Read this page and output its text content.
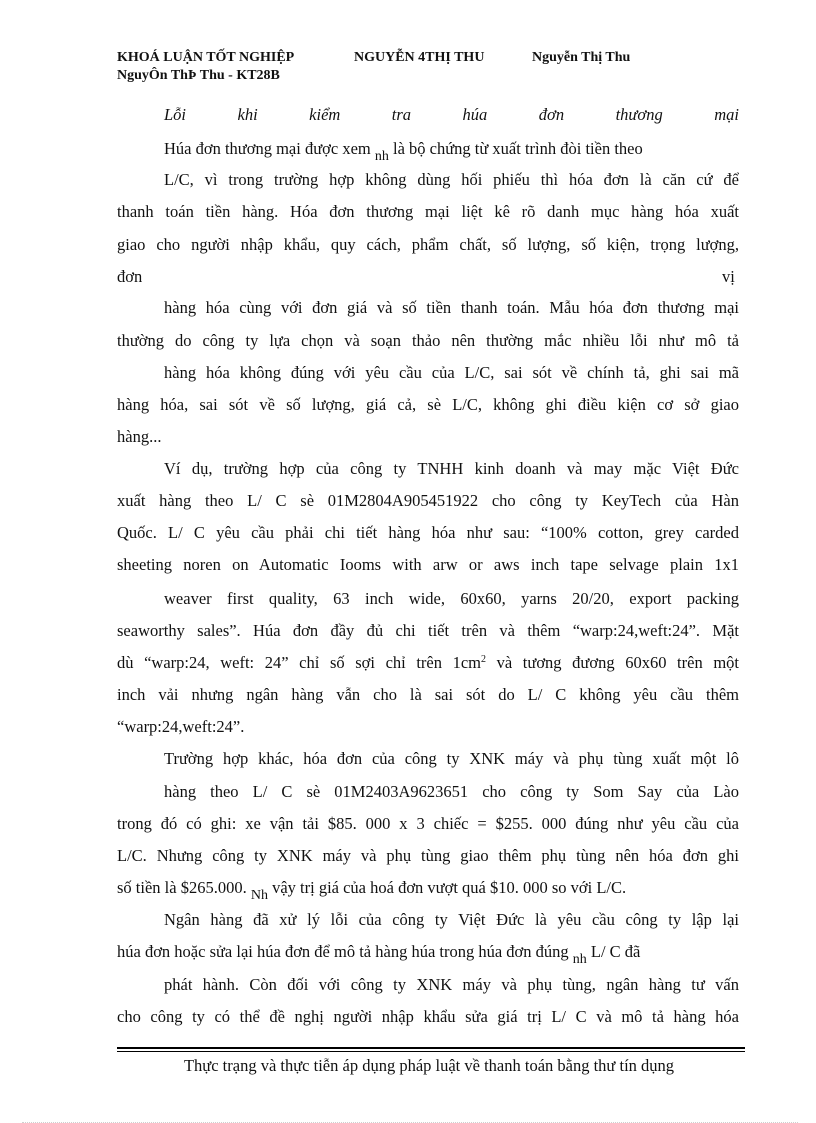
KHOÁ LUẬN TỐT NGHIỆP	NGUYỄN 4THỊ THU	Nguyễn Thị Thu
NguyÔn ThÞ Thu - KT28B
Lỗi	khi	kiểm	tra	húa	đơn	thương	mại
Húa đơn thương mại được xem $_{nh}$ là bộ chứng từ xuất trình đòi tiền theo
L/C, vì trong trường hợp không dùng hối phiếu thì hóa đơn là căn cứ để
thanh toán tiền hàng. Hóa đơn thương mại liệt kê rõ danh mục hàng hóa xuất
giao cho người nhập khẩu, quy cách, phẩm chất, số lượng, số kiện, trọng lượng,
đơn	vị
hàng hóa cùng với đơn giá và số tiền thanh toán. Mẫu hóa đơn thương mại
thường do công ty lựa chọn và soạn thảo nên thường mắc nhiều lỗi như mô tả
hàng hóa không đúng với yêu cầu của L/C, sai sót về chính tả, ghi sai mã
hàng hóa, sai sót về số lượng, giá cả, sè L/C, không ghi điều kiện cơ sở giao
hàng...
Ví dụ, trường hợp của công ty TNHH kinh doanh và may mặc Việt Đức
xuất hàng theo L/ C sè 01M2804A905451922 cho công ty KeyTech của Hàn
Quốc. L/ C yêu cầu phải chi tiết hàng hóa như sau: “100% cotton, grey carded
sheeting noren on Automatic Iooms with arw or aws inch tape selvage plain 1x1
weaver first quality, 63 inch wide, 60x60, yarns 20/20, export packing
seaworthy sales”. Húa đơn đầy đủ chi tiết trên và thêm “warp:24,weft:24”. Mặt
dù “warp:24, weft: 24” chỉ số sợi chỉ trên $1cm^2$ và tương đương 60x60 trên một
inch vải nhưng ngân hàng vẫn cho là sai sót do L/ C không yêu cầu thêm
“warp:24,weft:24”.
Trường hợp khác, hóa đơn của công ty XNK máy và phụ tùng xuất một lô
hàng theo L/ C sè 01M2403A9623651 cho công ty Som Say của Lào
trong đó có ghi: xe vận tải $85. 000 x 3 chiếc = $255. 000 đúng như yêu cầu của
L/C. Nhưng công ty XNK máy và phụ tùng giao thêm phụ tùng nên hóa đơn ghi
số tiền là $265.000. $_{Nh}$ vậy trị giá của hoá đơn vượt quá $10. 000 so với L/C.
Ngân hàng đã xử lý lỗi của công ty Việt Đức là yêu cầu công ty lập lại
húa đơn hoặc sửa lại húa đơn để mô tả hàng húa trong húa đơn đúng $_{nh}$ L/ C đã
phát hành. Còn đối với công ty XNK máy và phụ tùng, ngân hàng tư vấn
cho công ty có thể đề nghị người nhập khẩu sửa giá trị L/ C và mô tả hàng hóa
Thực trạng và thực tiễn áp dụng pháp luật về thanh toán bằng thư tín dụng
